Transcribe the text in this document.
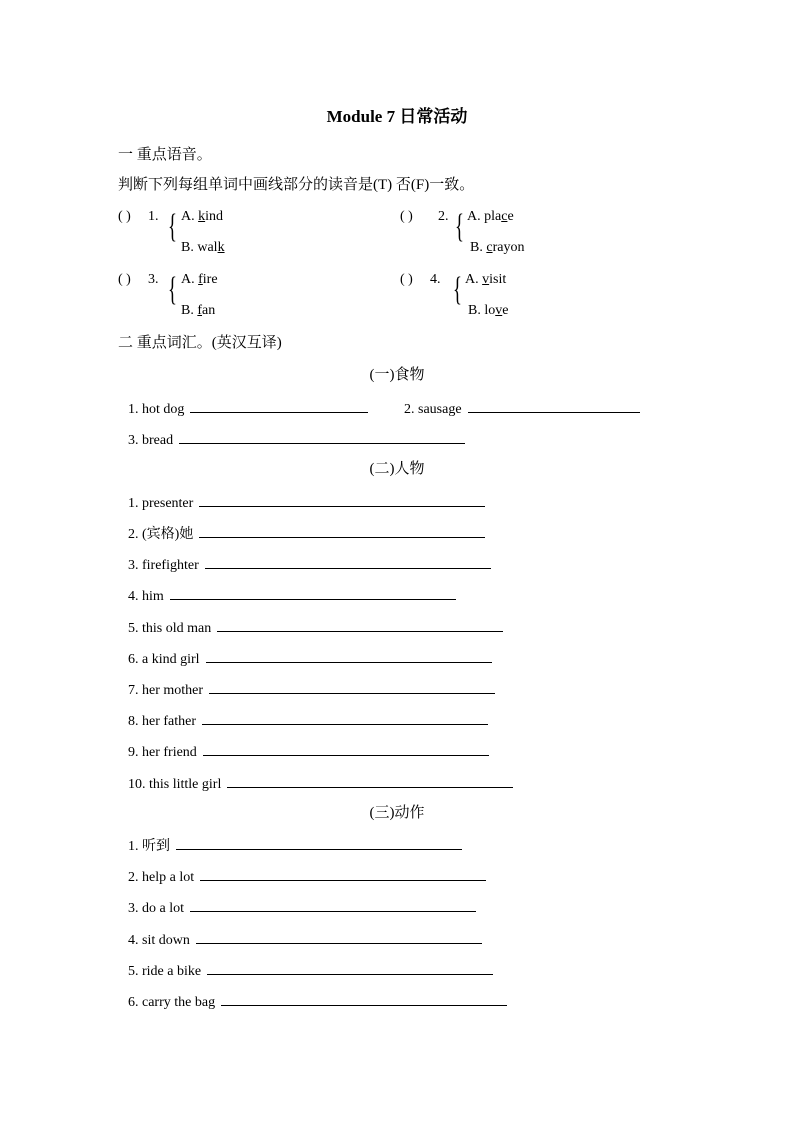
Module 7 日常活动
一 重点语音。
判断下列每组单词中画线部分的读音是(T) 否(F)一致。
( ) 1. { A. kind
B. walk
( ) 2. { A. place
B. crayon
( ) 3. { A. fire
B. fan
( ) 4. { A. visit
B. love
二 重点词汇。(英汉互译)
(一)食物
1. hot dog	2. sausage
3. bread
(二)人物
1. presenter
2. (宾格)她
3. firefighter
4. him
5. this old man
6. a kind girl
7. her mother
8. her father
9. her friend
10. this little girl
(三)动作
1. 听到
2. help a lot
3. do a lot
4. sit down
5. ride a bike
6. carry the bag
